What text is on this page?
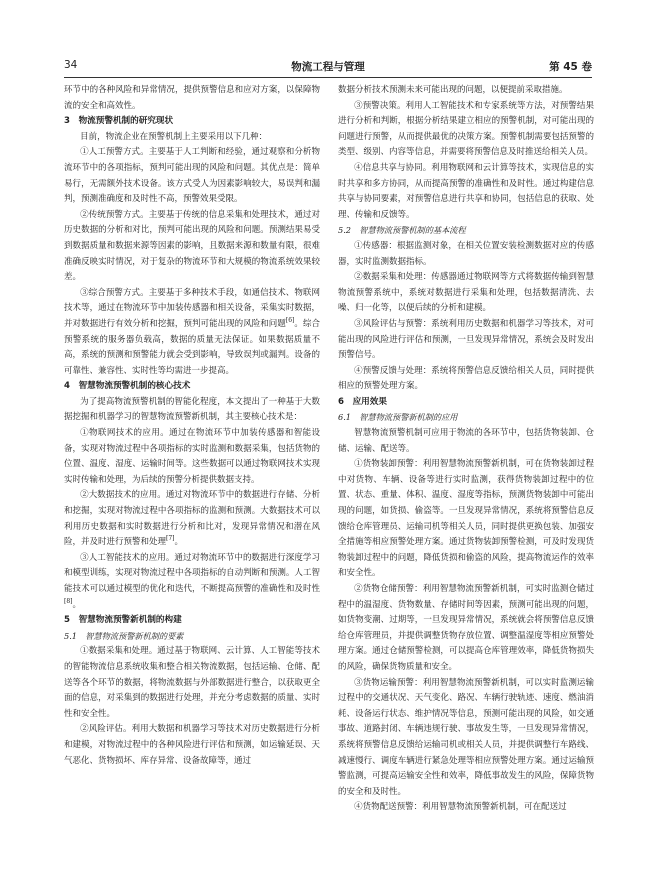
34	物流工程与管理	第 45 卷

环节中的各种风险和异常情况，提供预警信息和应对方案，以保障物流的安全和高效性。

3　物流预警机制的研究现状

目前，物流企业在预警机制上主要采用以下几种：

①人工预警方式。主要基于人工判断和经验，通过观察和分析物流环节中的各项指标，预判可能出现的风险和问题。其优点是：简单易行，无需额外技术设备。该方式受人为因素影响较大，易误判和漏判，预测准确度和及时性不高，预警效果受限。

②传统预警方式。主要基于传统的信息采集和处理技术，通过对历史数据的分析和对比，预判可能出现的风险和问题。预测结果易受到数据质量和数据来源等因素的影响，且数据来源和数量有限，很难准确反映实时情况，对于复杂的物流环节和大规模的物流系统效果较差。

③综合预警方式。主要基于多种技术手段，如通信技术、物联网技术等，通过在物流环节中加装传感器和相关设备，采集实时数据，并对数据进行有效分析和挖掘，预判可能出现的风险和问题[6]。综合预警系统的服务器负载高，数据的质量无法保证。如果数据质量不高，系统的预测和预警能力就会受到影响，导致误判或漏判。设备的可靠性、兼容性、实时性等均需进一步提高。

4　智慧物流预警机制的核心技术

为了提高物流预警机制的智能化程度，本文提出了一种基于大数据挖掘和机器学习的智慧物流预警新机制，其主要核心技术是：

①物联网技术的应用。通过在物流环节中加装传感器和智能设备，实现对物流过程中各项指标的实时监测和数据采集，包括货物的位置、温度、湿度、运输时间等。这些数据可以通过物联网技术实现实时传输和处理，为后续的预警分析提供数据支持。

②大数据技术的应用。通过对物流环节中的数据进行存储、分析和挖掘，实现对物流过程中各项指标的监测和预测。大数据技术可以利用历史数据和实时数据进行分析和比对，发现异常情况和潜在风险，并及时进行预警和处理[7]。

③人工智能技术的应用。通过对物流环节中的数据进行深度学习和模型训练，实现对物流过程中各项指标的自动判断和预测。人工智能技术可以通过模型的优化和迭代，不断提高预警的准确性和及时性[8]。

5　智慧物流预警新机制的构建
5.1　智慧物流预警新机制的要素

①数据采集和处理。通过基于物联网、云计算、人工智能等技术的智能物流信息系统收集和整合相关物流数据，包括运输、仓储、配送等各个环节的数据，将物流数据与外部数据进行整合，以获取更全面的信息，对采集到的数据进行处理，并充分考虑数据的质量、实时性和安全性。

②风险评估。利用大数据和机器学习等技术对历史数据进行分析和建模，对物流过程中的各种风险进行评估和预测，如运输延误、天气恶化、货物损坏、库存异常、设备故障等，通过

数据分析技术预测未来可能出现的问题，以便提前采取措施。

③预警决策。利用人工智能技术和专家系统等方法，对预警结果进行分析和判断，根据分析结果建立相应的预警机制，对可能出现的问题进行预警，从而提供最优的决策方案。预警机制需要包括预警的类型、级别、内容等信息，并需要将预警信息及时推送给相关人员。

④信息共享与协同。利用物联网和云计算等技术，实现信息的实时共享和多方协同，从而提高预警的准确性和及时性。通过构建信息共享与协同要素，对预警信息进行共享和协同，包括信息的获取、处理、传输和反馈等。

5.2　智慧物流预警机制的基本流程

①传感器：根据监测对象，在相关位置安装检测数据对应的传感器，实时监测数据指标。

②数据采集和处理：传感器通过物联网等方式将数据传输到智慧物流预警系统中，系统对数据进行采集和处理，包括数据清洗、去噪、归一化等，以便后续的分析和建模。

③风险评估与预警：系统利用历史数据和机器学习等技术，对可能出现的风险进行评估和预测，一旦发现异常情况，系统会及时发出预警信号。

④预警反馈与处理：系统将预警信息反馈给相关人员，同时提供相应的预警处理方案。

6　应用效果
6.1　智慧物流预警新机制的应用

智慧物流预警机制可应用于物流的各环节中，包括货物装卸、仓储、运输、配送等。

①货物装卸预警：利用智慧物流预警新机制，可在货物装卸过程中对货物、车辆、设备等进行实时监测，获得货物装卸过程中的位置、状态、重量、体积、温度、湿度等指标，预测货物装卸中可能出现的问题，如货损、偷盗等。一旦发现异常情况，系统将预警信息反馈给仓库管理员、运输司机等相关人员，同时提供更换包装、加强安全措施等相应预警处理方案。通过货物装卸预警检测，可及时发现货物装卸过程中的问题，降低货损和偷盗的风险，提高物流运作的效率和安全性。

②货物仓储预警：利用智慧物流预警新机制，可实时监测仓储过程中的温湿度、货物数量、存储时间等因素，预测可能出现的问题，如货物变潮、过期等，一旦发现异常情况，系统就会将预警信息反馈给仓库管理员，并提供调整货物存放位置、调整温湿度等相应预警处理方案。通过仓储预警检测，可以提高仓库管理效率，降低货物损失的风险，确保货物质量和安全。

③货物运输预警：利用智慧物流预警新机制，可以实时监测运输过程中的交通状况、天气变化、路况、车辆行驶轨迹、速度、燃油消耗、设备运行状态、维护情况等信息，预测可能出现的风险，如交通事故、道路封闭、车辆违规行驶、事故发生等，一旦发现异常情况，系统将预警信息反馈给运输司机或相关人员，并提供调整行车路线、减速慢行、调度车辆进行紧急处理等相应预警处理方案。通过运输预警监测，可提高运输安全性和效率，降低事故发生的风险，保障货物的安全和及时性。

④货物配送预警：利用智慧物流预警新机制，可在配送过
